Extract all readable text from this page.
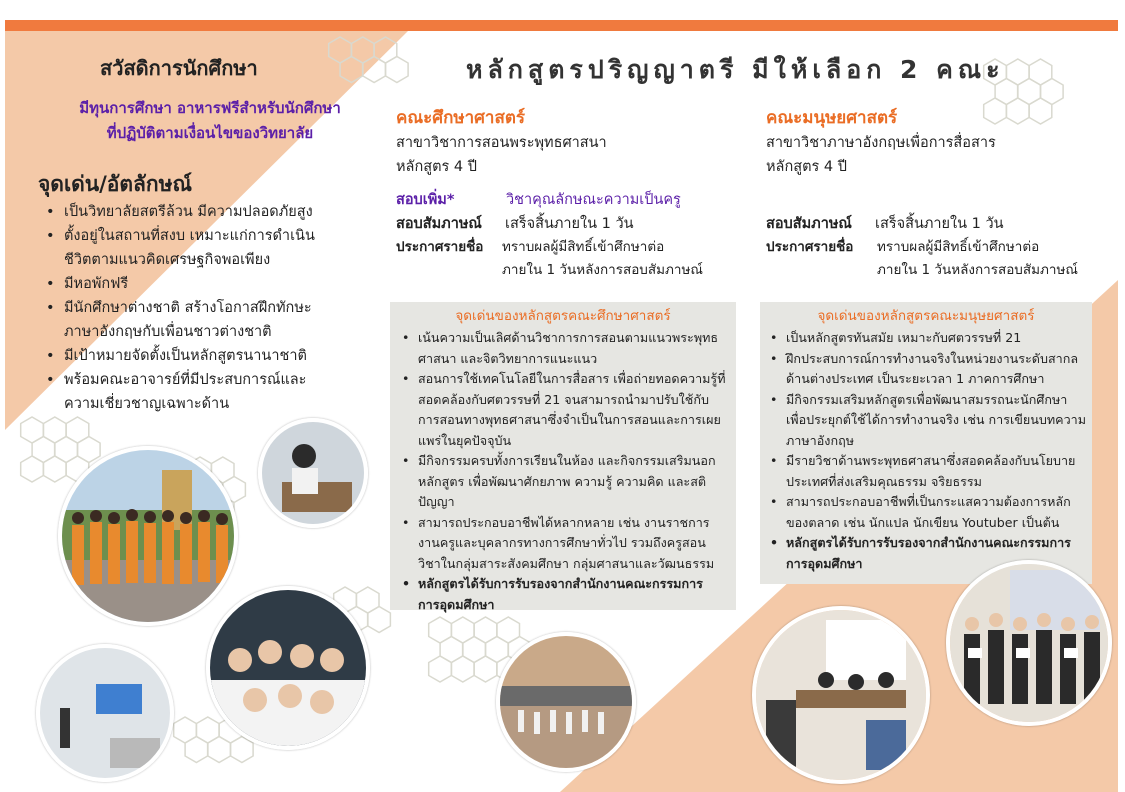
สวัสดิการนักศึกษา
มีทุนการศึกษา อาหารฟรีสำหรับนักศึกษา
ที่ปฏิบัติตามเงื่อนไขของวิทยาลัย
จุดเด่น/อัตลักษณ์
• เป็นวิทยาลัยสตรีล้วน มีความปลอดภัยสูง
• ตั้งอยู่ในสถานที่สงบ เหมาะแก่การดำเนิน
ชีวิตตามแนวคิดเศรษฐกิจพอเพียง
• มีหอพักฟรี
• มีนักศึกษาต่างชาติ สร้างโอกาสฝึกทักษะ
ภาษาอังกฤษกับเพื่อนชาวต่างชาติ
• มีเป้าหมายจัดตั้งเป็นหลักสูตรนานาชาติ
• พร้อมคณะอาจารย์ที่มีประสบการณ์และ
ความเชี่ยวชาญเฉพาะด้าน
หลักสูตรปริญญาตรี มีให้เลือก 2 คณะ
คณะศึกษาศาสตร์
สาขาวิชาการสอนพระพุทธศาสนา
หลักสูตร 4 ปี
สอบเพิ่ม*	วิชาคุณลักษณะความเป็นครู
สอบสัมภาษณ์ เสร็จสิ้นภายใน 1 วัน
ประกาศรายชื่อ ทราบผลผู้มีสิทธิ์เข้าศึกษาต่อ
ภายใน 1 วันหลังการสอบสัมภาษณ์
จุดเด่นของหลักสูตรคณะศึกษาศาสตร์
• เน้นความเป็นเลิศด้านวิชาการการสอนตามแนวพระพุทธ
ศาสนา และจิตวิทยาการแนะแนว
• สอนการใช้เทคโนโลยีในการสื่อสาร เพื่อถ่ายทอดความรู้ที่
สอดคล้องกับศตวรรษที่ 21 จนสามารถนำมาปรับใช้กับ
การสอนทางพุทธศาสนาซึ่งจำเป็นในการสอนและการเผย
แพร่ในยุคปัจจุบัน
• มีกิจกรรมครบทั้งการเรียนในห้อง และกิจกรรมเสริมนอก
หลักสูตร เพื่อพัฒนาศักยภาพ ความรู้ ความคิด และสติ
ปัญญา
• สามารถประกอบอาชีพได้หลากหลาย เช่น งานราชการ
งานครูและบุคลากรทางการศึกษาทั่วไป รวมถึงครูสอน
วิชาในกลุ่มสาระสังคมศึกษา กลุ่มศาสนาและวัฒนธรรม
• หลักสูตรได้รับการรับรองจากสำนักงานคณะกรรมการ
การอุดมศึกษา
คณะมนุษยศาสตร์
สาขาวิชาภาษาอังกฤษเพื่อการสื่อสาร
หลักสูตร 4 ปี
สอบสัมภาษณ์ เสร็จสิ้นภายใน 1 วัน
ประกาศรายชื่อ ทราบผลผู้มีสิทธิ์เข้าศึกษาต่อ
ภายใน 1 วันหลังการสอบสัมภาษณ์
จุดเด่นของหลักสูตรคณะมนุษยศาสตร์
• เป็นหลักสูตรทันสมัย เหมาะกับศตวรรษที่ 21
• ฝึกประสบการณ์การทำงานจริงในหน่วยงานระดับสากล
ด้านต่างประเทศ เป็นระยะเวลา 1 ภาคการศึกษา
• มีกิจกรรมเสริมหลักสูตรเพื่อพัฒนาสมรรถนะนักศึกษา
เพื่อประยุกต์ใช้ได้การทำงานจริง เช่น การเขียนบทความ
ภาษาอังกฤษ
• มีรายวิชาด้านพระพุทธศาสนาซึ่งสอดคล้องกับนโยบาย
ประเทศที่ส่งเสริมคุณธรรม จริยธรรม
• สามารถประกอบอาชีพที่เป็นกระแสความต้องการหลัก
ของตลาด เช่น นักแปล นักเขียน Youtuber เป็นต้น
• หลักสูตรได้รับการรับรองจากสำนักงานคณะกรรมการ
การอุดมศึกษา
